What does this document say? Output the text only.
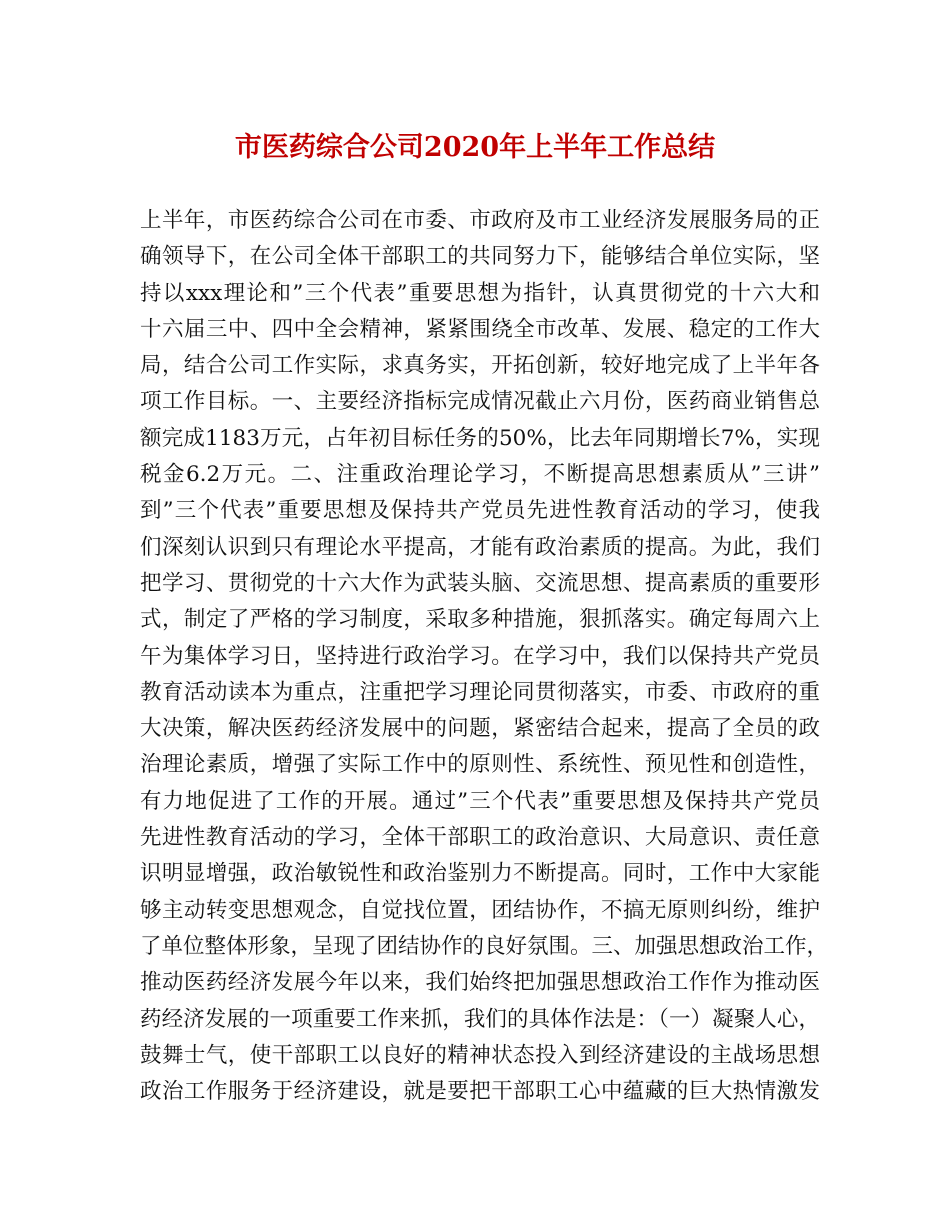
市医药综合公司2020年上半年工作总结
上半年，市医药综合公司在市委、市政府及市工业经济发展服务局的正
确领导下，在公司全体干部职工的共同努力下，能够结合单位实际，坚
持以xxx理论和”三个代表”重要思想为指针，认真贯彻党的十六大和
十六届三中、四中全会精神，紧紧围绕全市改革、发展、稳定的工作大
局，结合公司工作实际，求真务实，开拓创新，较好地完成了上半年各
项工作目标。一、主要经济指标完成情况截止六月份，医药商业销售总
额完成1183万元，占年初目标任务的50%，比去年同期增长7%，实现
税金6.2万元。二、注重政治理论学习，不断提高思想素质从”三讲”
到”三个代表”重要思想及保持共产党员先进性教育活动的学习，使我
们深刻认识到只有理论水平提高，才能有政治素质的提高。为此，我们
把学习、贯彻党的十六大作为武装头脑、交流思想、提高素质的重要形
式，制定了严格的学习制度，采取多种措施，狠抓落实。确定每周六上
午为集体学习日，坚持进行政治学习。在学习中，我们以保持共产党员
教育活动读本为重点，注重把学习理论同贯彻落实，市委、市政府的重
大决策，解决医药经济发展中的问题，紧密结合起来，提高了全员的政
治理论素质，增强了实际工作中的原则性、系统性、预见性和创造性，
有力地促进了工作的开展。通过”三个代表”重要思想及保持共产党员
先进性教育活动的学习，全体干部职工的政治意识、大局意识、责任意
识明显增强，政治敏锐性和政治鉴别力不断提高。同时，工作中大家能
够主动转变思想观念，自觉找位置，团结协作，不搞无原则纠纷，维护
了单位整体形象，呈现了团结协作的良好氛围。三、加强思想政治工作，
推动医药经济发展今年以来，我们始终把加强思想政治工作作为推动医
药经济发展的一项重要工作来抓，我们的具体作法是：（一）凝聚人心，
鼓舞士气，使干部职工以良好的精神状态投入到经济建设的主战场思想
政治工作服务于经济建设，就是要把干部职工心中蕴藏的巨大热情激发
